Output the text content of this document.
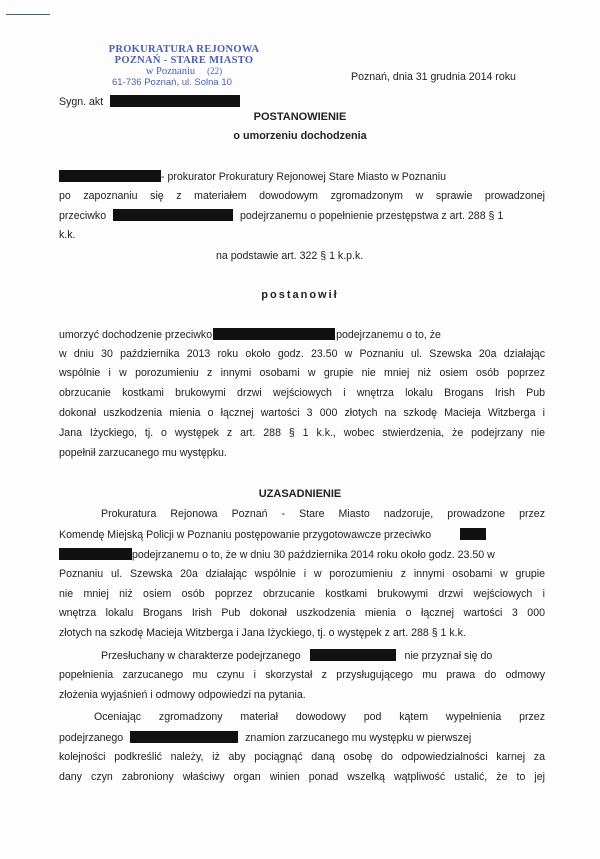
PROKURATURA REJONOWA
POZNAŃ - STARE MIASTO
w Poznaniu (22)
61-736 Poznań, ul. Solna 10	Poznań, dnia 31 grudnia 2014 roku
Sygn. akt
POSTANOWIENIE
o umorzeniu dochodzenia
- prokurator Prokuratury Rejonowej Stare Miasto w Poznaniu
po zapoznaniu się z materiałem dowodowym zgromadzonym w sprawie prowadzonej
przeciwko	podejrzanemu o popełnienie przestępstwa z art. 288 § 1
k.k.
na podstawie art. 322 § 1 k.p.k.
postanowił
umorzyć dochodzenie przeciwko	podejrzanemu o to, że
w dniu 30 października 2013 roku około godz. 23.50 w Poznaniu ul. Szewska 20a działając
wspólnie i w porozumieniu z innymi osobami w grupie nie mniej niż osiem osób poprzez
obrzucanie kostkami brukowymi drzwi wejściowych i wnętrza lokalu Brogans Irish Pub
dokonał uszkodzenia mienia o łącznej wartości 3 000 złotych na szkodę Macieja Witzberga i
Jana Iżyckiego, tj. o występek z art. 288 § 1 k.k., wobec stwierdzenia, że podejrzany nie
popełnił zarzucanego mu występku.
UZASADNIENIE
Prokuratura Rejonowa Poznań - Stare Miasto nadzoruje, prowadzone przez
Komendę Miejską Policji w Poznaniu postępowanie przygotowawcze przeciwko
podejrzanemu o to, że w dniu 30 października 2014 roku około godz. 23.50 w
Poznaniu ul. Szewska 20a działając wspólnie i w porozumieniu z innymi osobami w grupie
nie mniej niż osiem osób poprzez obrzucanie kostkami brukowymi drzwi wejściowych i
wnętrza lokalu Brogans Irish Pub dokonał uszkodzenia mienia o łącznej wartości 3 000
złotych na szkodę Macieja Witzberga i Jana Iżyckiego, tj. o występek z art. 288 § 1 k.k.
Przesłuchany w charakterze podejrzanego	nie przyznał się do
popełnienia zarzucanego mu czynu i skorzystał z przysługującego mu prawa do odmowy
złożenia wyjaśnień i odmowy odpowiedzi na pytania.
Oceniając zgromadzony materiał dowodowy pod kątem wypełnienia przez
podejrzanego	znamion zarzucanego mu występku w pierwszej
kolejności podkreślić należy, iż aby pociągnąć daną osobę do odpowiedzialności karnej za
dany czyn zabroniony właściwy organ winien ponad wszelką wątpliwość ustalić, że to jej
